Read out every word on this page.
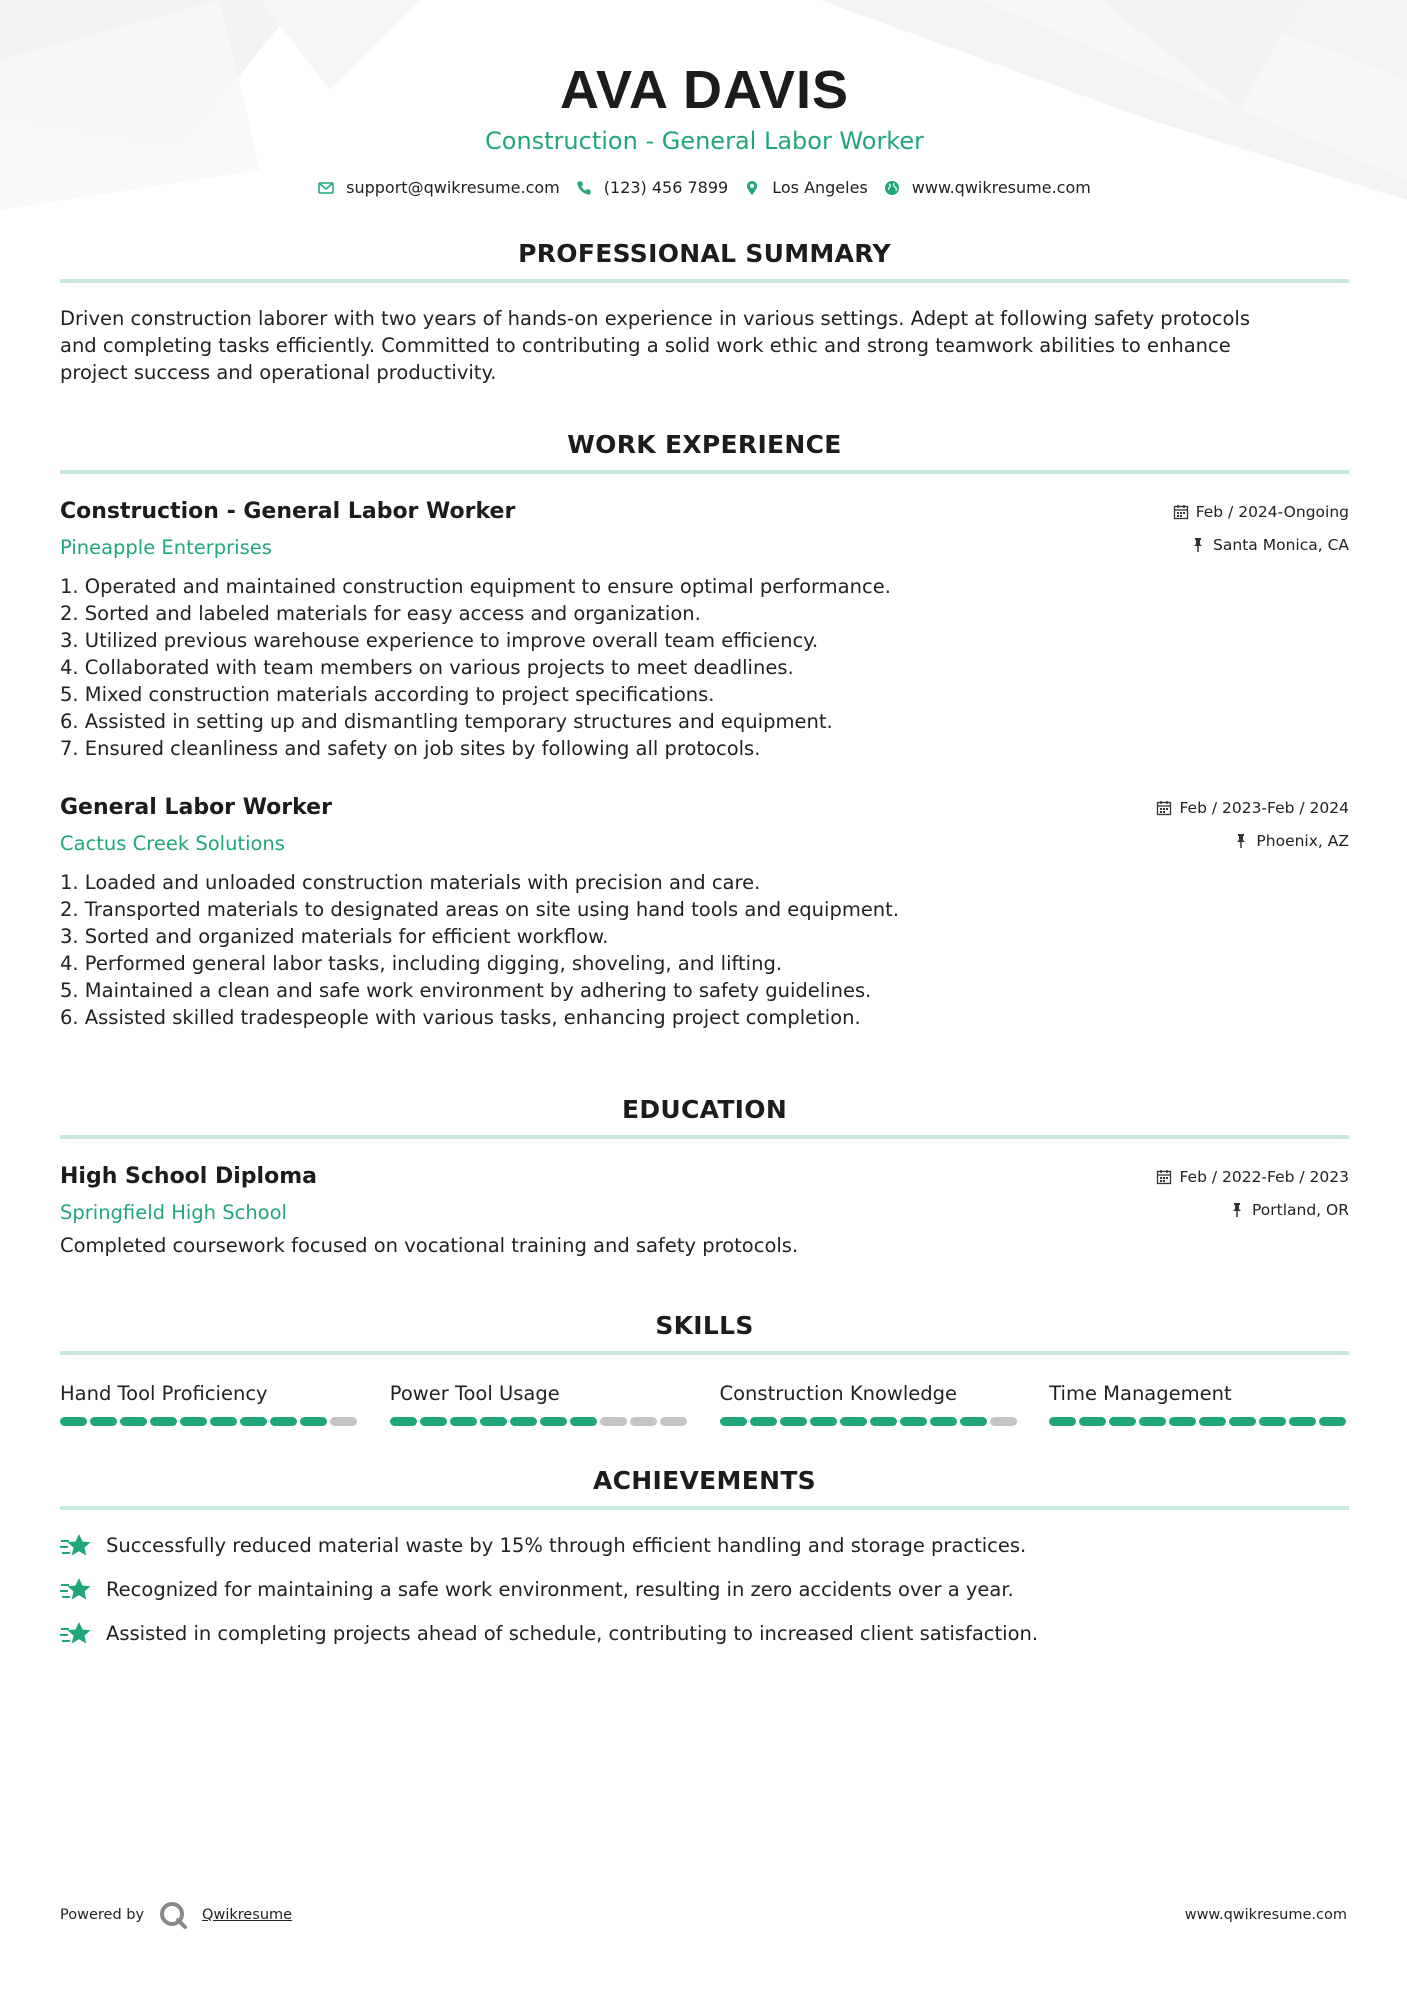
AVA DAVIS
Construction - General Labor Worker
support@qwikresume.com	(123) 456 7899	Los Angeles	www.qwikresume.com
PROFESSIONAL SUMMARY
Driven construction laborer with two years of hands-on experience in various settings. Adept at following safety protocols
and completing tasks efficiently. Committed to contributing a solid work ethic and strong teamwork abilities to enhance
project success and operational productivity.
WORK EXPERIENCE
Construction - General Labor Worker
Pineapple Enterprises
Feb / 2024-Ongoing
Santa Monica, CA
1. Operated and maintained construction equipment to ensure optimal performance.
2. Sorted and labeled materials for easy access and organization.
3. Utilized previous warehouse experience to improve overall team efficiency.
4. Collaborated with team members on various projects to meet deadlines.
5. Mixed construction materials according to project specifications.
6. Assisted in setting up and dismantling temporary structures and equipment.
7. Ensured cleanliness and safety on job sites by following all protocols.
General Labor Worker
Cactus Creek Solutions
Feb / 2023-Feb / 2024
Phoenix, AZ
1. Loaded and unloaded construction materials with precision and care.
2. Transported materials to designated areas on site using hand tools and equipment.
3. Sorted and organized materials for efficient workflow.
4. Performed general labor tasks, including digging, shoveling, and lifting.
5. Maintained a clean and safe work environment by adhering to safety guidelines.
6. Assisted skilled tradespeople with various tasks, enhancing project completion.
EDUCATION
High School Diploma
Springfield High School
Feb / 2022-Feb / 2023
Portland, OR
Completed coursework focused on vocational training and safety protocols.
SKILLS
Hand Tool Proficiency	Power Tool Usage	Construction Knowledge	Time Management
ACHIEVEMENTS
Successfully reduced material waste by 15% through efficient handling and storage practices.
Recognized for maintaining a safe work environment, resulting in zero accidents over a year.
Assisted in completing projects ahead of schedule, contributing to increased client satisfaction.
Powered by	Qwikresume	www.qwikresume.com
